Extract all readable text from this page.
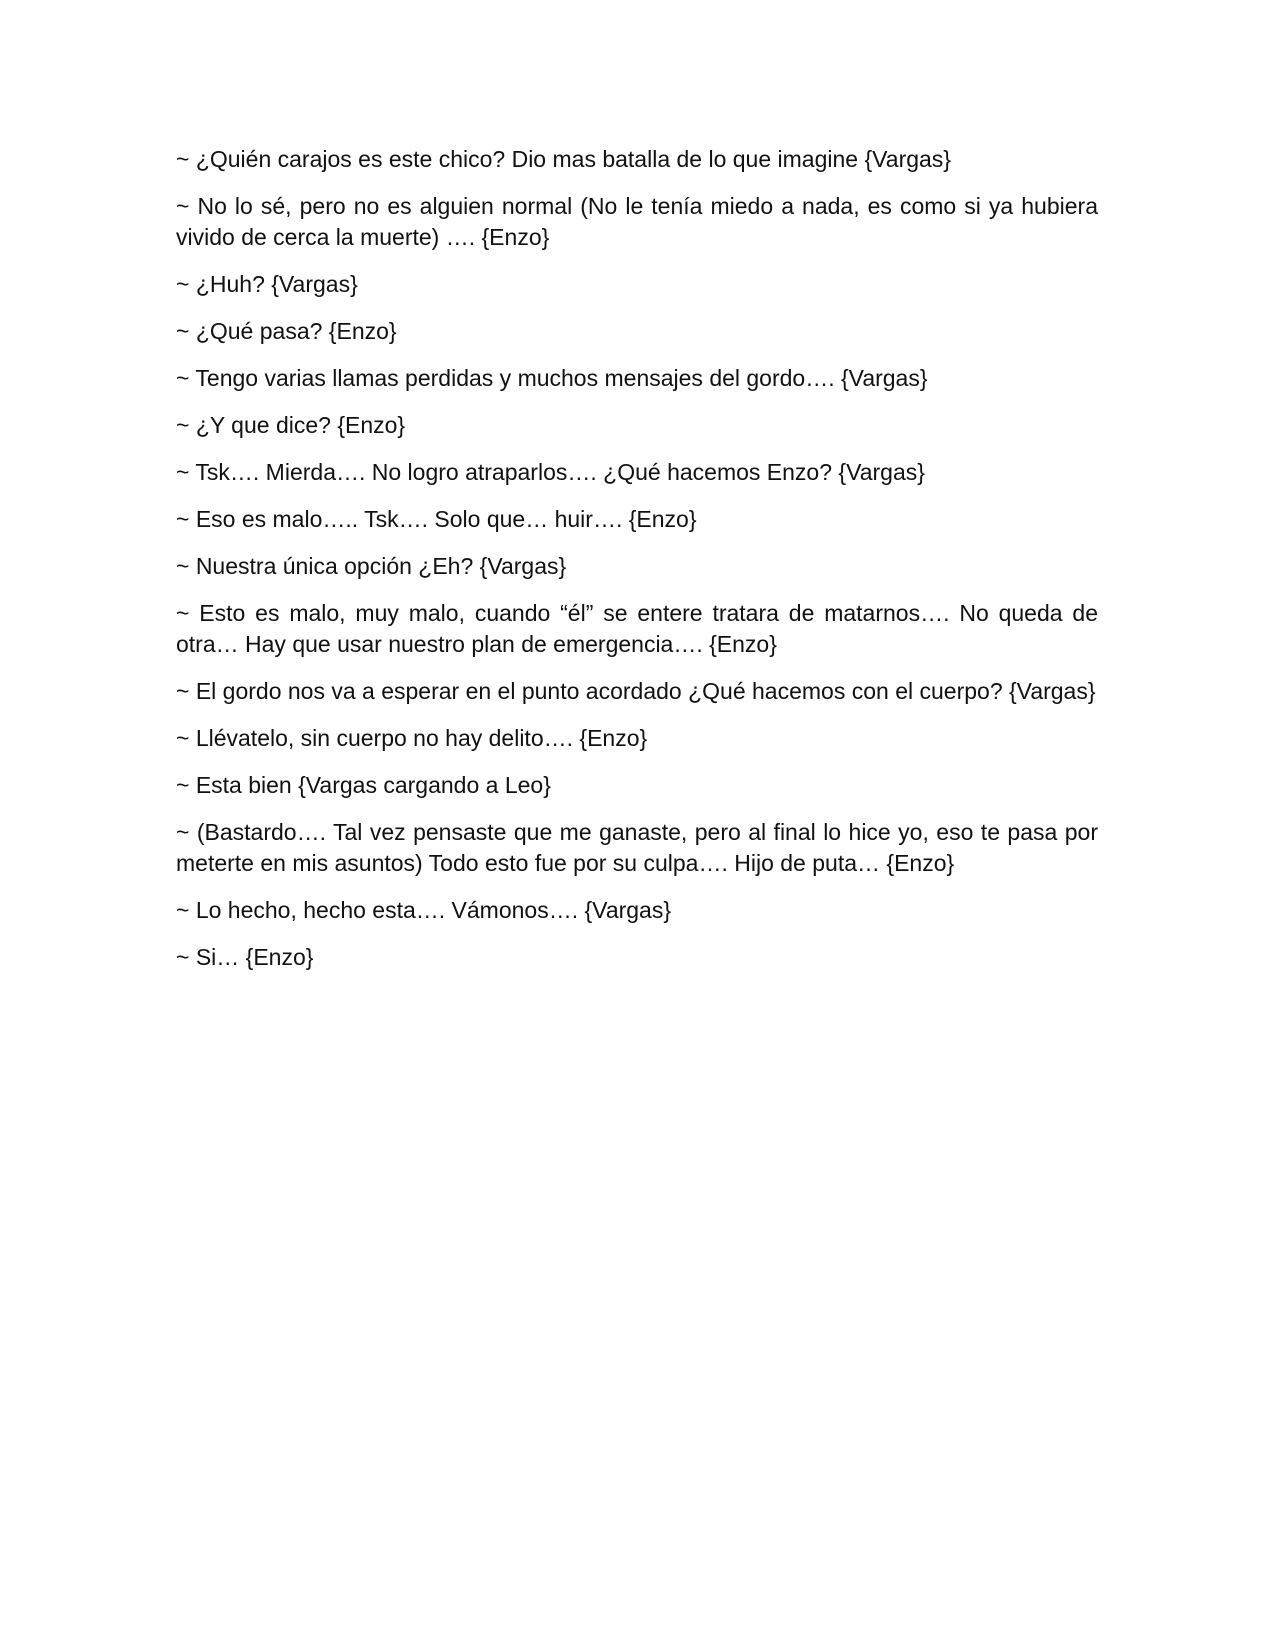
~ ¿Quién carajos es este chico? Dio mas batalla de lo que imagine {Vargas}

~ No lo sé, pero no es alguien normal (No le tenía miedo a nada, es como si ya hubiera vivido de cerca la muerte) …. {Enzo}

~ ¿Huh? {Vargas}

~ ¿Qué pasa? {Enzo}

~ Tengo varias llamas perdidas y muchos mensajes del gordo…. {Vargas}

~ ¿Y que dice? {Enzo}

~ Tsk…. Mierda…. No logro atraparlos…. ¿Qué hacemos Enzo? {Vargas}

~ Eso es malo….. Tsk…. Solo que… huir…. {Enzo}

~ Nuestra única opción ¿Eh? {Vargas}

~ Esto es malo, muy malo, cuando “él” se entere tratara de matarnos…. No queda de otra… Hay que usar nuestro plan de emergencia…. {Enzo}

~ El gordo nos va a esperar en el punto acordado ¿Qué hacemos con el cuerpo? {Vargas}

~ Llévatelo, sin cuerpo no hay delito…. {Enzo}

~ Esta bien {Vargas cargando a Leo}

~ (Bastardo…. Tal vez pensaste que me ganaste, pero al final lo hice yo, eso te pasa por meterte en mis asuntos) Todo esto fue por su culpa…. Hijo de puta… {Enzo}

~ Lo hecho, hecho esta…. Vámonos…. {Vargas}

~ Si… {Enzo}
